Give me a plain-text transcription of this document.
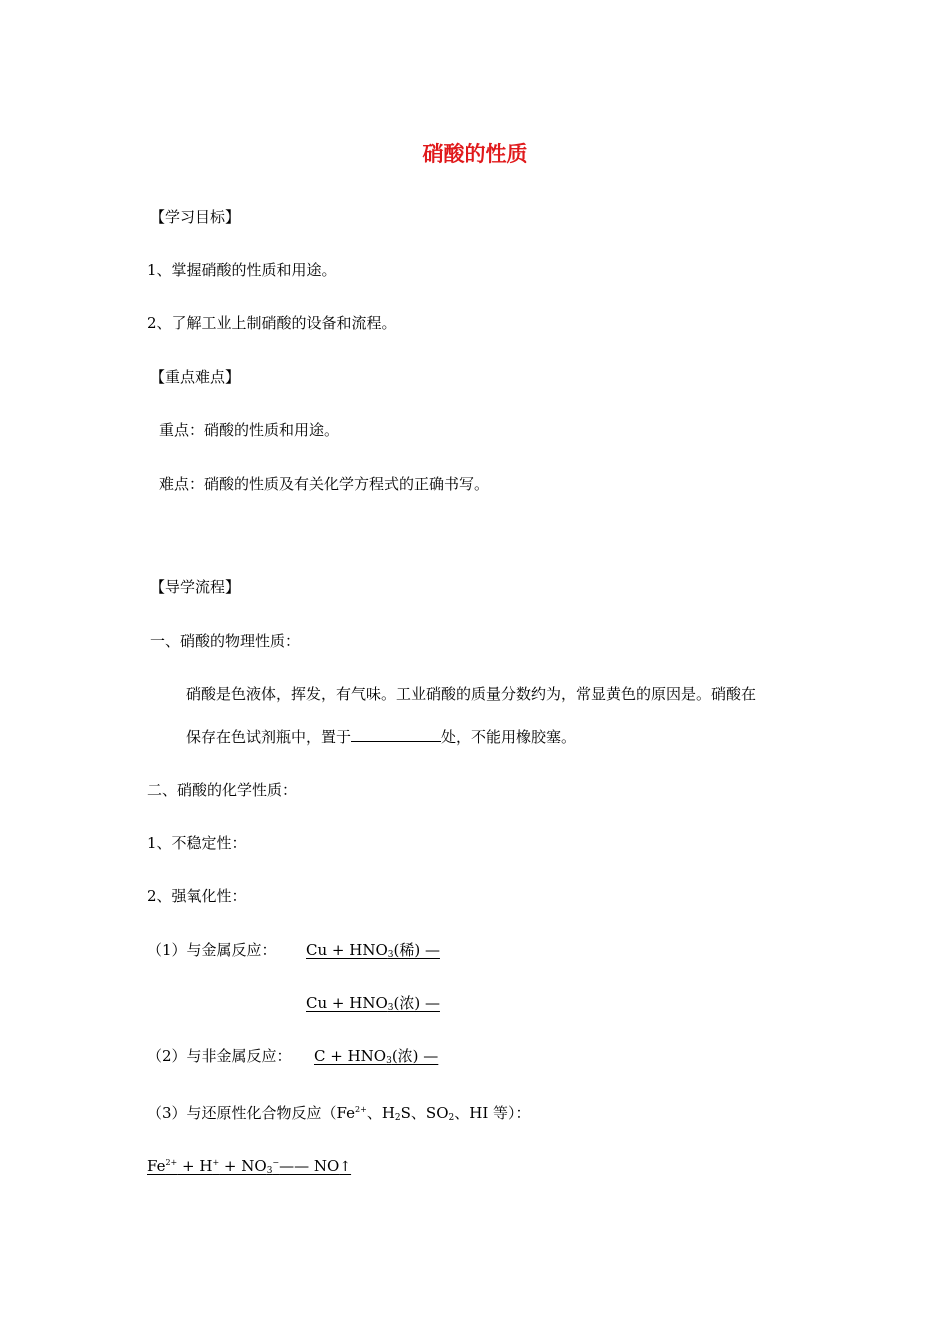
硝酸的性质
【学习目标】
1、掌握硝酸的性质和用途。
2、了解工业上制硝酸的设备和流程。
【重点难点】
重点：硝酸的性质和用途。
难点：硝酸的性质及有关化学方程式的正确书写。
【导学流程】
一、硝酸的物理性质：
硝酸是色液体，挥发，有气味。工业硝酸的质量分数约为，常显黄色的原因是。硝酸在
保存在色试剂瓶中，置于	处，不能用橡胶塞。
二、硝酸的化学性质：
1、不稳定性：
2、强氧化性：
（1）与金属反应： $Cu + HNO_3$(稀) —
$Cu + HNO_3$(浓) —
（2）与非金属反应： $C + HNO_3$(浓) —
（3）与还原性化合物反应（$Fe^{2+}$、$H_2S$、$SO_2$、HI 等）：
$Fe^{2+} + H^+$ + $NO_3^-——$ NO↑
